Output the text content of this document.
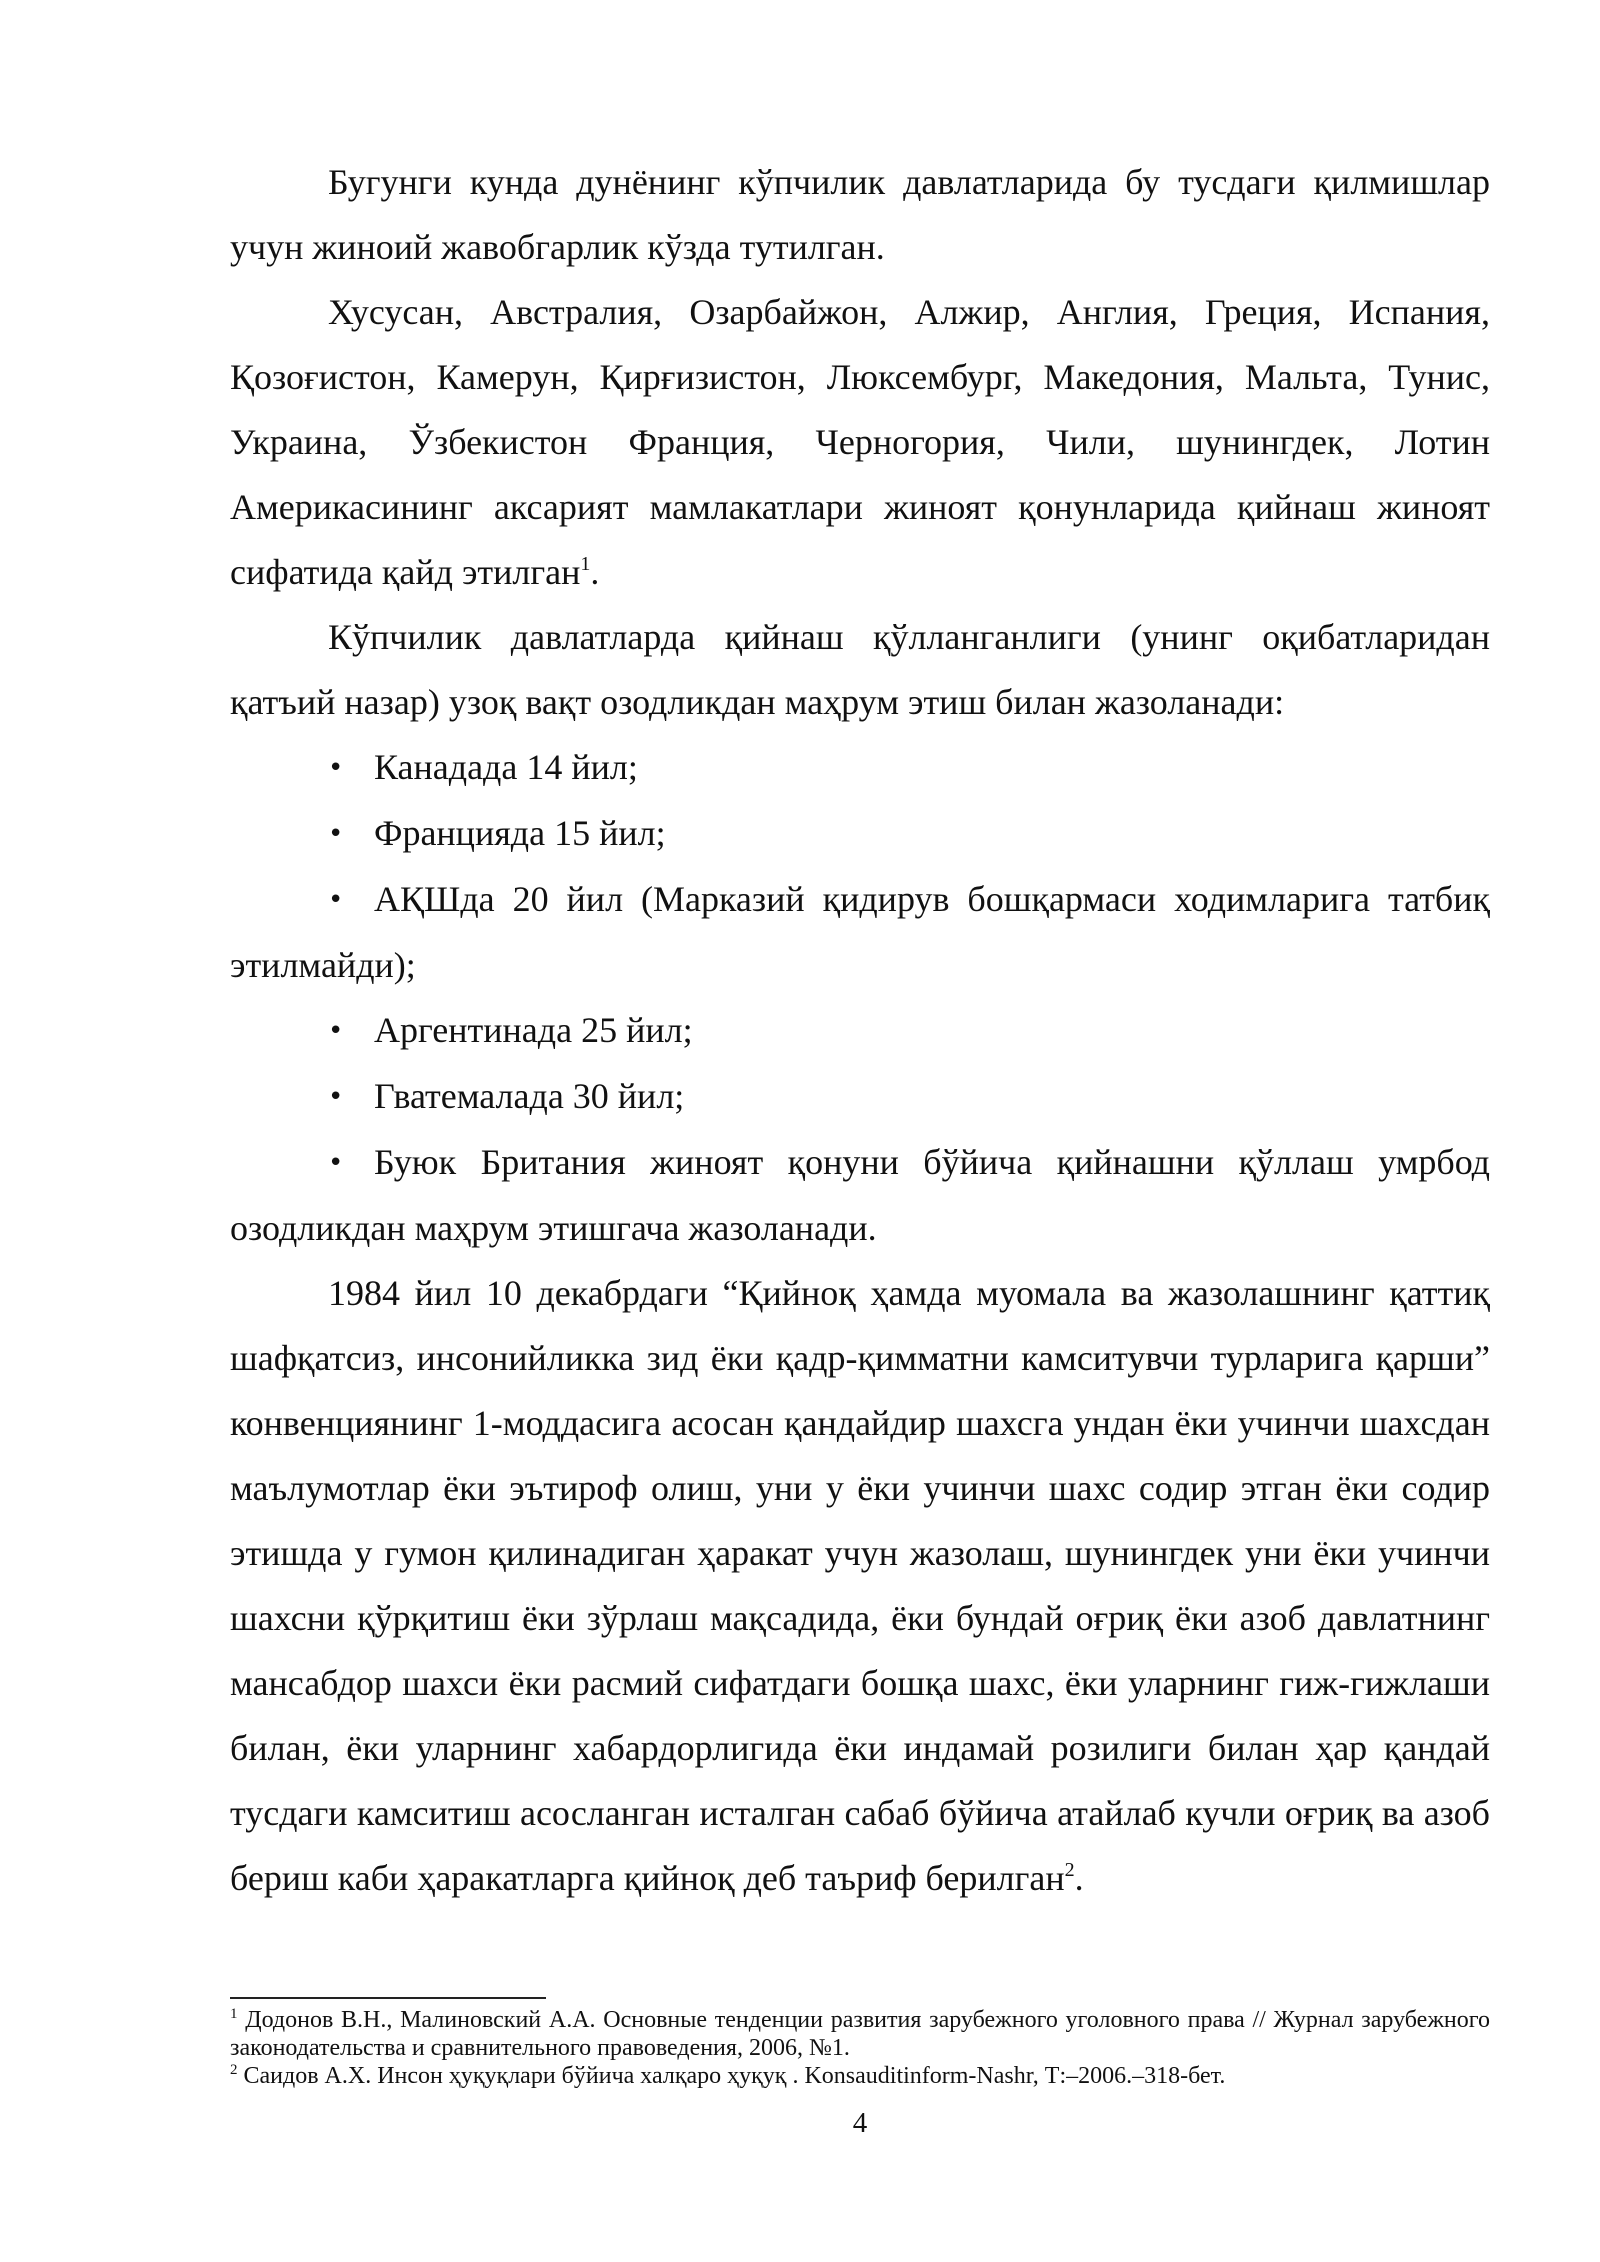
Бугунги кунда дунёнинг кўпчилик давлатларида бу тусдаги қилмишлар учун жиноий жавобгарлик кўзда тутилган.

Хусусан, Австралия, Озарбайжон, Алжир, Англия, Греция, Испания, Қозоғистон, Камерун, Қирғизистон, Люксембург, Македония, Мальта, Тунис, Украина, Ўзбекистон Франция, Черногория, Чили, шунингдек, Лотин Америкасининг аксарият мамлакатлари жиноят қонунларида қийнаш жиноят сифатида қайд этилган$^1$.

Кўпчилик давлатларда қийнаш қўлланганлиги (унинг оқибатларидан қатъий назар) узоқ вақт озодликдан маҳрум этиш билан жазоланади:

• Канадада 14 йил;

• Францияда 15 йил;

• АҚШда 20 йил (Марказий қидирув бошқармаси ходимларига татбиқ этилмайди);

• Аргентинада 25 йил;

• Гватемалада 30 йил;

• Буюк Британия жиноят қонуни бўйича қийнашни қўллаш умрбод озодликдан маҳрум этишгача жазоланади.

1984 йил 10 декабрдаги “Қийноқ ҳамда муомала ва жазолашнинг қаттиқ шафқатсиз, инсонийликка зид ёки қадр-қимматни камситувчи турларига қарши” конвенциянинг 1-моддасига асосан қандайдир шахсга ундан ёки учинчи шахсдан маълумотлар ёки эътироф олиш, уни у ёки учинчи шахс содир этган ёки содир этишда у гумон қилинадиган ҳаракат учун жазолаш, шунингдек уни ёки учинчи шахсни қўрқитиш ёки зўрлаш мақсадида, ёки бундай оғриқ ёки азоб давлатнинг мансабдор шахси ёки расмий сифатдаги бошқа шахс, ёки уларнинг гиж-гижлаши билан, ёки уларнинг хабардорлигида ёки индамай розилиги билан ҳар қандай тусдаги камситиш асосланган исталган сабаб бўйича атайлаб кучли оғриқ ва азоб бериш каби ҳаракатларга қийноқ деб таъриф берилган$^2$.

$^1$ Додонов В.Н., Малиновский А.А. Основные тенденции развития зарубежного уголовного права // Журнал зарубежного законодательства и сравнительного правоведения, 2006, №1.

$^2$ Саидов А.Х. Инсон ҳуқуқлари бўйича халқаро ҳуқуқ . Konsauditinform-Nashr, Т:–2006.–318-бет.

4
